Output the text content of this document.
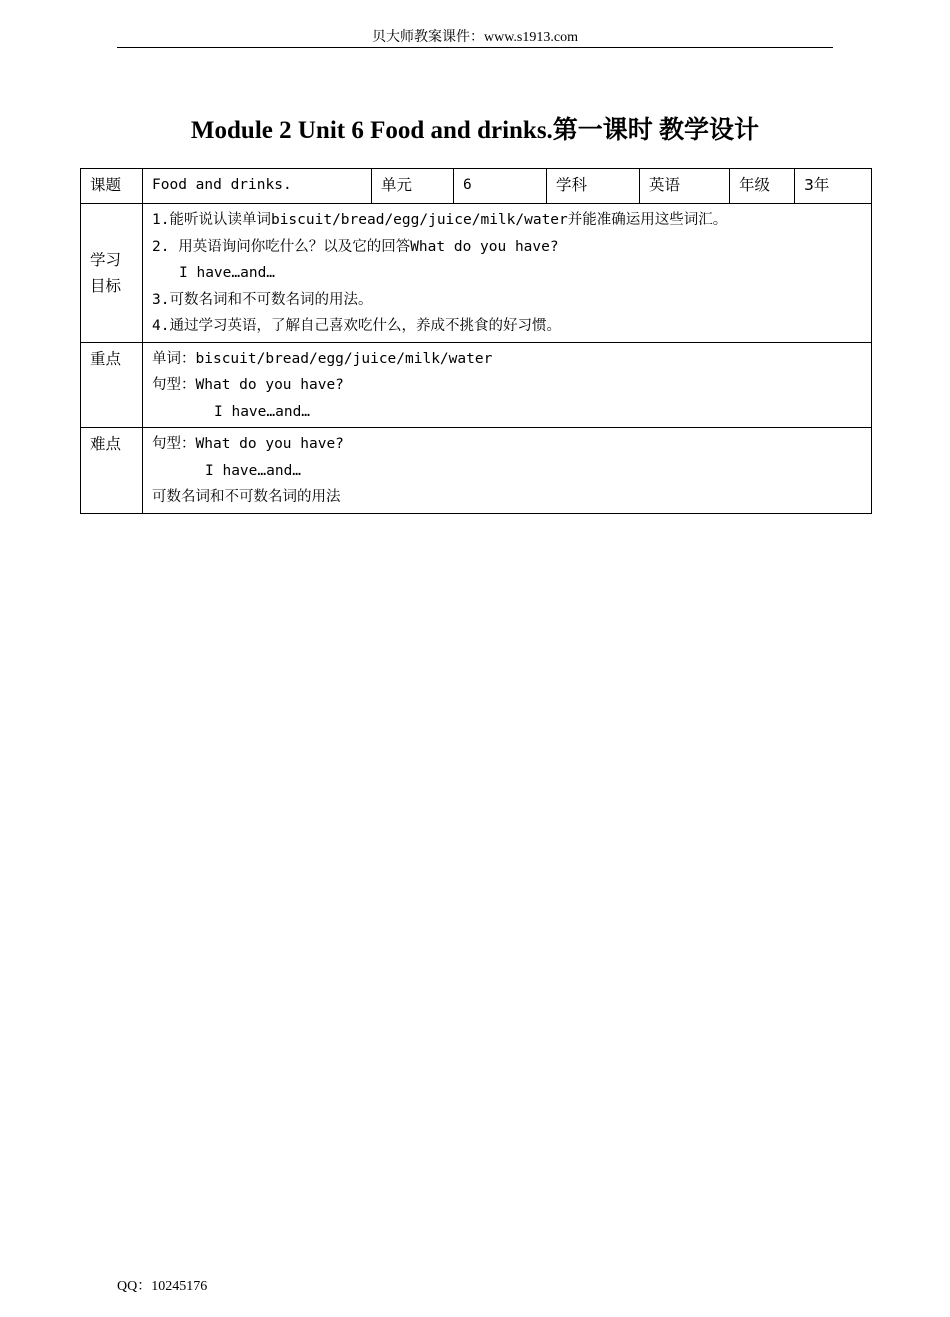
贝大师教案课件：www.s1913.com
Module 2 Unit 6 Food and drinks.第一课时 教学设计
课题	Food and drinks.	单元	6	学科	英语	年级	3年

学习
目标	1.能听说认读单词biscuit/bread/egg/juice/milk/water并能准确运用这些词汇。
2. 用英语询问你吃什么？以及它的回答What do you have?
I have…and…
3.可数名词和不可数名词的用法。
4.通过学习英语，了解自己喜欢吃什么，养成不挑食的好习惯。						

重点	单词：biscuit/bread/egg/juice/milk/water
句型：What do you have?
I have…and…						

难点	句型：What do you have?
I have…and…
可数名词和不可数名词的用法						
QQ：10245176
